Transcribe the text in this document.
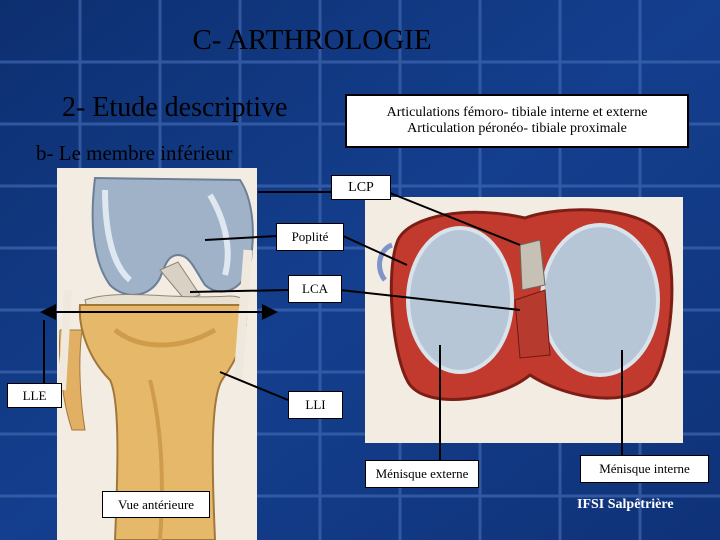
C- ARTHROLOGIE
2- Etude descriptive
b- Le membre inférieur
Articulations fémoro- tibiale interne et externe
Articulation péronéo- tibiale proximale
LCP
Poplité
LCA
LLE
LLI
Ménisque externe	Ménisque interne
Vue antérieure	IFSI Salpêtrière
